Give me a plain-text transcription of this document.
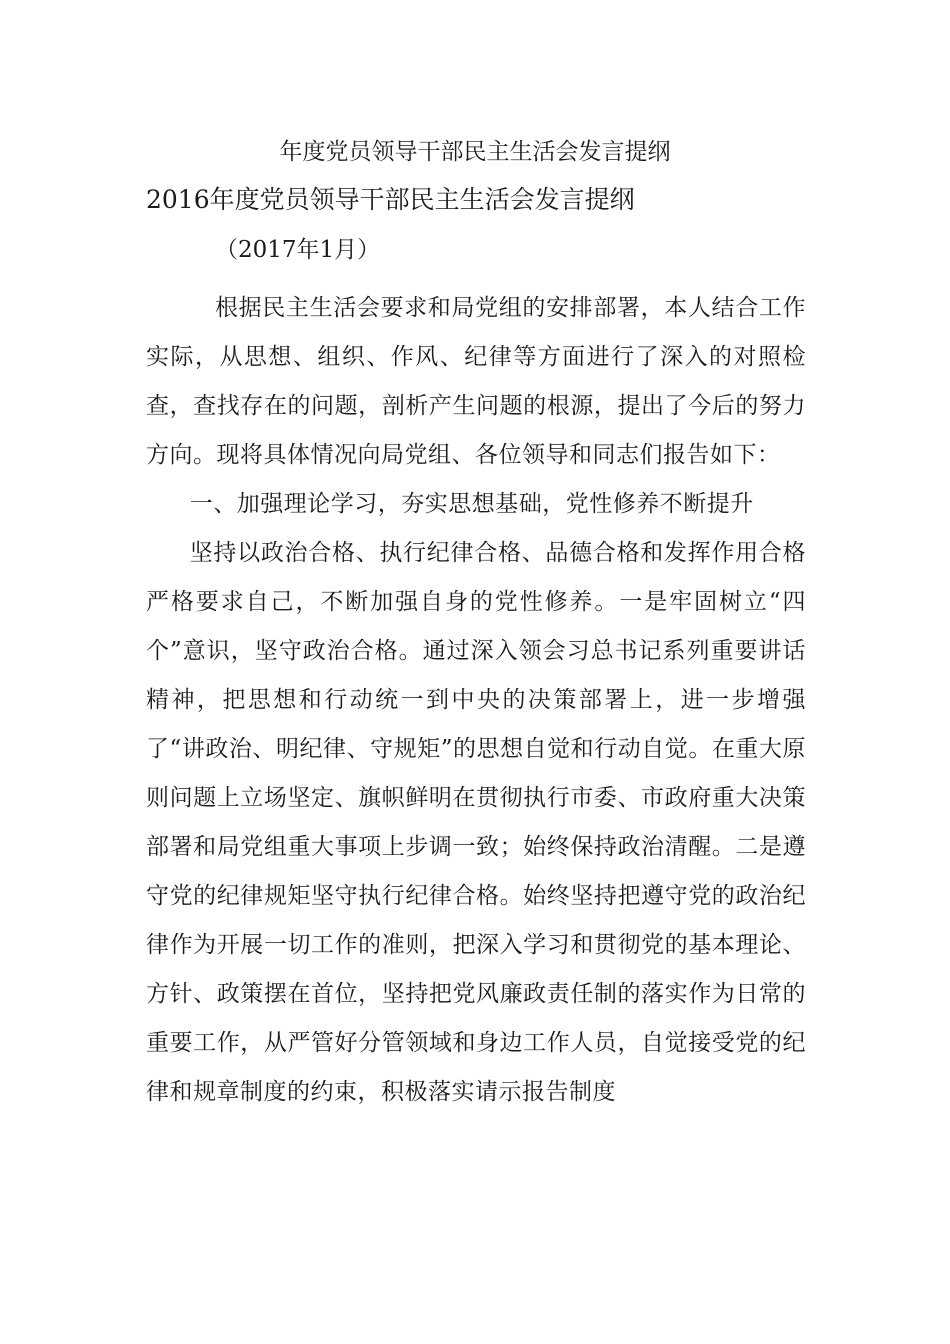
年度党员领导干部民主生活会发言提纲
2016年度党员领导干部民主生活会发言提纲
（2017年1月）

根据民主生活会要求和局党组的安排部署，本人结合工作实际，从思想、组织、作风、纪律等方面进行了深入的对照检查，查找存在的问题，剖析产生问题的根源，提出了今后的努力方向。现将具体情况向局党组、各位领导和同志们报告如下：

一、加强理论学习，夯实思想基础，党性修养不断提升

坚持以政治合格、执行纪律合格、品德合格和发挥作用合格严格要求自己，不断加强自身的党性修养。一是牢固树立“四个”意识，坚守政治合格。通过深入领会习总书记系列重要讲话精神，把思想和行动统一到中央的决策部署上，进一步增强了“讲政治、明纪律、守规矩”的思想自觉和行动自觉。在重大原则问题上立场坚定、旗帜鲜明在贯彻执行市委、市政府重大决策部署和局党组重大事项上步调一致；始终保持政治清醒。二是遵守党的纪律规矩坚守执行纪律合格。始终坚持把遵守党的政治纪律作为开展一切工作的准则，把深入学习和贯彻党的基本理论、方针、政策摆在首位，坚持把党风廉政责任制的落实作为日常的重要工作，从严管好分管领域和身边工作人员，自觉接受党的纪律和规章制度的约束，积极落实请示报告制度
